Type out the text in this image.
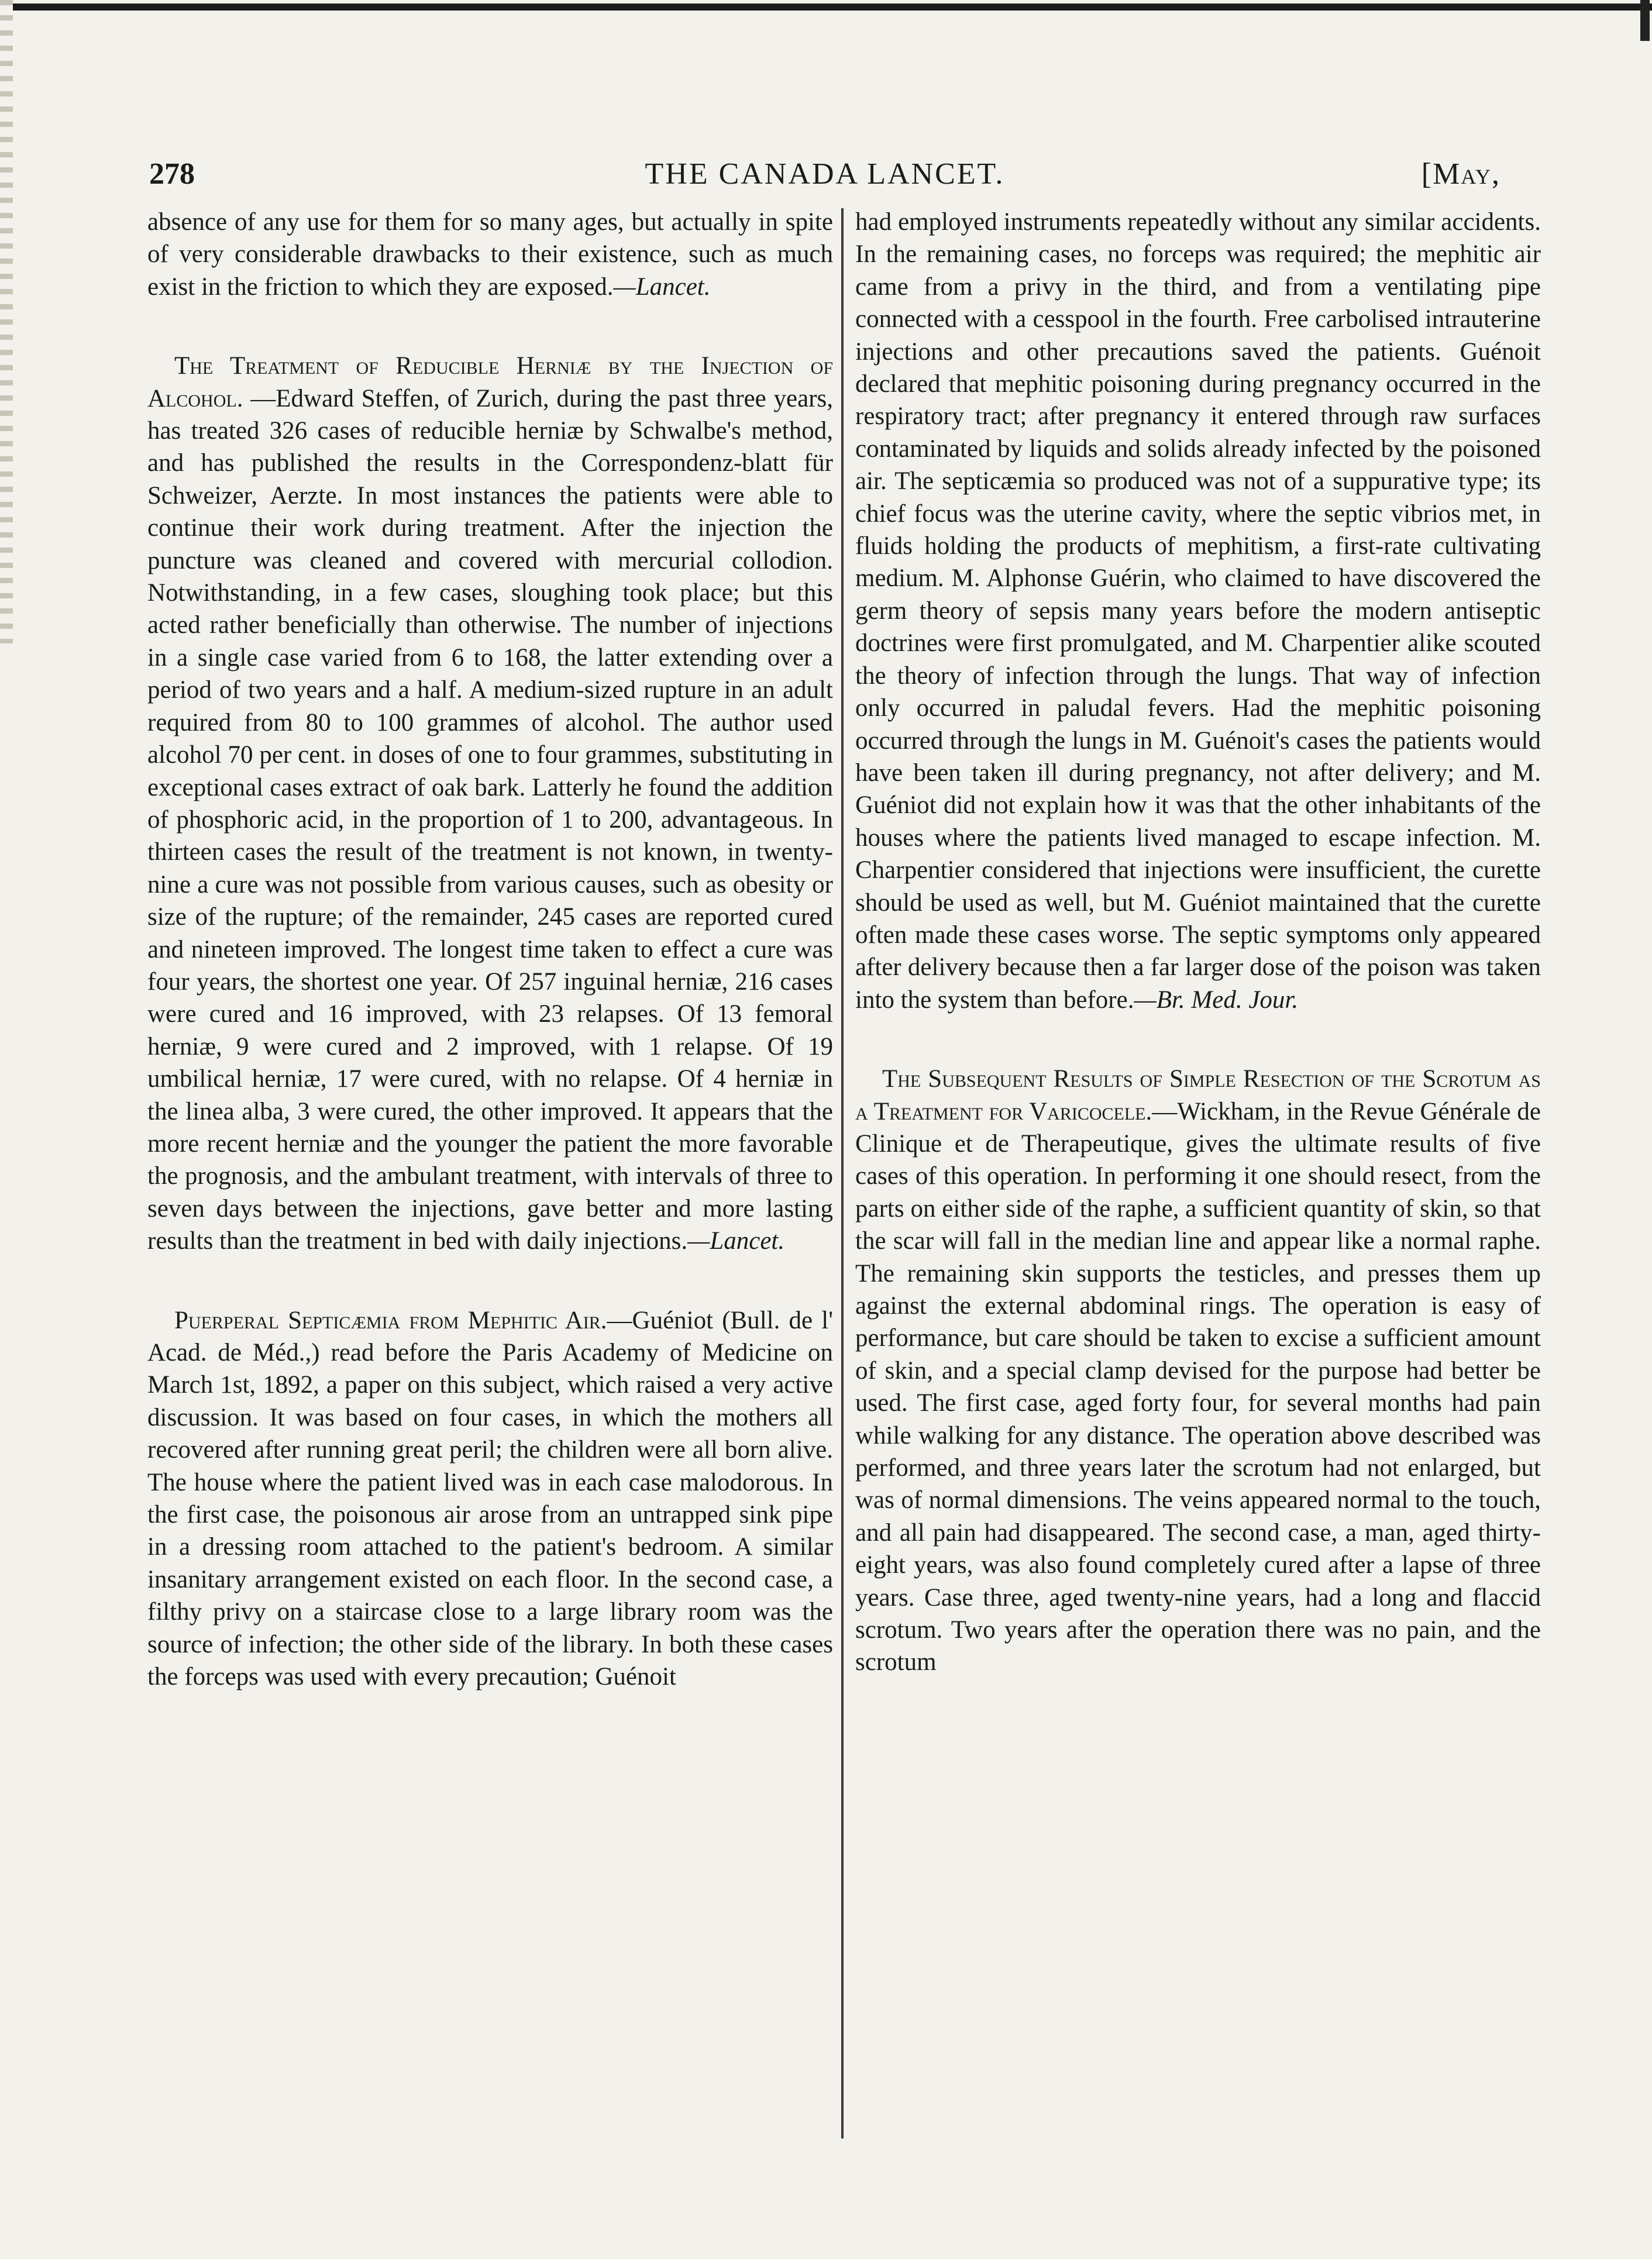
278	THE CANADA LANCET.	[May,

absence of any use for them for so many ages, but actually in spite of very considerable drawbacks to their existence, such as much exist in the friction to which they are exposed.—Lancet.

The Treatment of Reducible Herniæ by the Injection of Alcohol. —Edward Steffen, of Zurich, during the past three years, has treated 326 cases of reducible herniæ by Schwalbe's method, and has published the results in the Correspondenz-blatt für Schweizer, Aerzte. In most instances the patients were able to continue their work during treatment. After the injection the puncture was cleaned and covered with mercurial collodion. Notwithstanding, in a few cases, sloughing took place; but this acted rather beneficially than otherwise. The number of injections in a single case varied from 6 to 168, the latter extending over a period of two years and a half. A medium-sized rupture in an adult required from 80 to 100 grammes of alcohol. The author used alcohol 70 per cent. in doses of one to four grammes, substituting in exceptional cases extract of oak bark. Latterly he found the addition of phosphoric acid, in the proportion of 1 to 200, advantageous. In thirteen cases the result of the treatment is not known, in twenty-nine a cure was not possible from various causes, such as obesity or size of the rupture; of the remainder, 245 cases are reported cured and nineteen improved. The longest time taken to effect a cure was four years, the shortest one year. Of 257 inguinal herniæ, 216 cases were cured and 16 improved, with 23 relapses. Of 13 femoral herniæ, 9 were cured and 2 improved, with 1 relapse. Of 19 umbilical herniæ, 17 were cured, with no relapse. Of 4 herniæ in the linea alba, 3 were cured, the other improved. It appears that the more recent herniæ and the younger the patient the more favorable the prognosis, and the ambulant treatment, with intervals of three to seven days between the injections, gave better and more lasting results than the treatment in bed with daily injections.—Lancet.

Puerperal Septicæmia from Mephitic Air.—Guéniot (Bull. de l' Acad. de Méd.,) read before the Paris Academy of Medicine on March 1st, 1892, a paper on this subject, which raised a very active discussion. It was based on four cases, in which the mothers all recovered after running great peril; the children were all born alive. The house where the patient lived was in each case malodorous. In the first case, the poisonous air arose from an untrapped sink pipe in a dressing room attached to the patient's bedroom. A similar insanitary arrangement existed on each floor. In the second case, a filthy privy on a staircase close to a large library room was the source of infection; the other side of the library. In both these cases the forceps was used with every precaution; Guénoit

had employed instruments repeatedly without any similar accidents. In the remaining cases, no forceps was required; the mephitic air came from a privy in the third, and from a ventilating pipe connected with a cesspool in the fourth. Free carbolised intrauterine injections and other precautions saved the patients. Guénoit declared that mephitic poisoning during pregnancy occurred in the respiratory tract; after pregnancy it entered through raw surfaces contaminated by liquids and solids already infected by the poisoned air. The septicæmia so produced was not of a suppurative type; its chief focus was the uterine cavity, where the septic vibrios met, in fluids holding the products of mephitism, a first-rate cultivating medium. M. Alphonse Guérin, who claimed to have discovered the germ theory of sepsis many years before the modern antiseptic doctrines were first promulgated, and M. Charpentier alike scouted the theory of infection through the lungs. That way of infection only occurred in paludal fevers. Had the mephitic poisoning occurred through the lungs in M. Guénoit's cases the patients would have been taken ill during pregnancy, not after delivery; and M. Guéniot did not explain how it was that the other inhabitants of the houses where the patients lived managed to escape infection. M. Charpentier considered that injections were insufficient, the curette should be used as well, but M. Guéniot maintained that the curette often made these cases worse. The septic symptoms only appeared after delivery because then a far larger dose of the poison was taken into the system than before.—Br. Med. Jour.

The Subsequent Results of Simple Resection of the Scrotum as a Treatment for Varicocele.—Wickham, in the Revue Générale de Clinique et de Therapeutique, gives the ultimate results of five cases of this operation. In performing it one should resect, from the parts on either side of the raphe, a sufficient quantity of skin, so that the scar will fall in the median line and appear like a normal raphe. The remaining skin supports the testicles, and presses them up against the external abdominal rings. The operation is easy of performance, but care should be taken to excise a sufficient amount of skin, and a special clamp devised for the purpose had better be used. The first case, aged forty four, for several months had pain while walking for any distance. The operation above described was performed, and three years later the scrotum had not enlarged, but was of normal dimensions. The veins appeared normal to the touch, and all pain had disappeared. The second case, a man, aged thirty-eight years, was also found completely cured after a lapse of three years. Case three, aged twenty-nine years, had a long and flaccid scrotum. Two years after the operation there was no pain, and the scrotum
